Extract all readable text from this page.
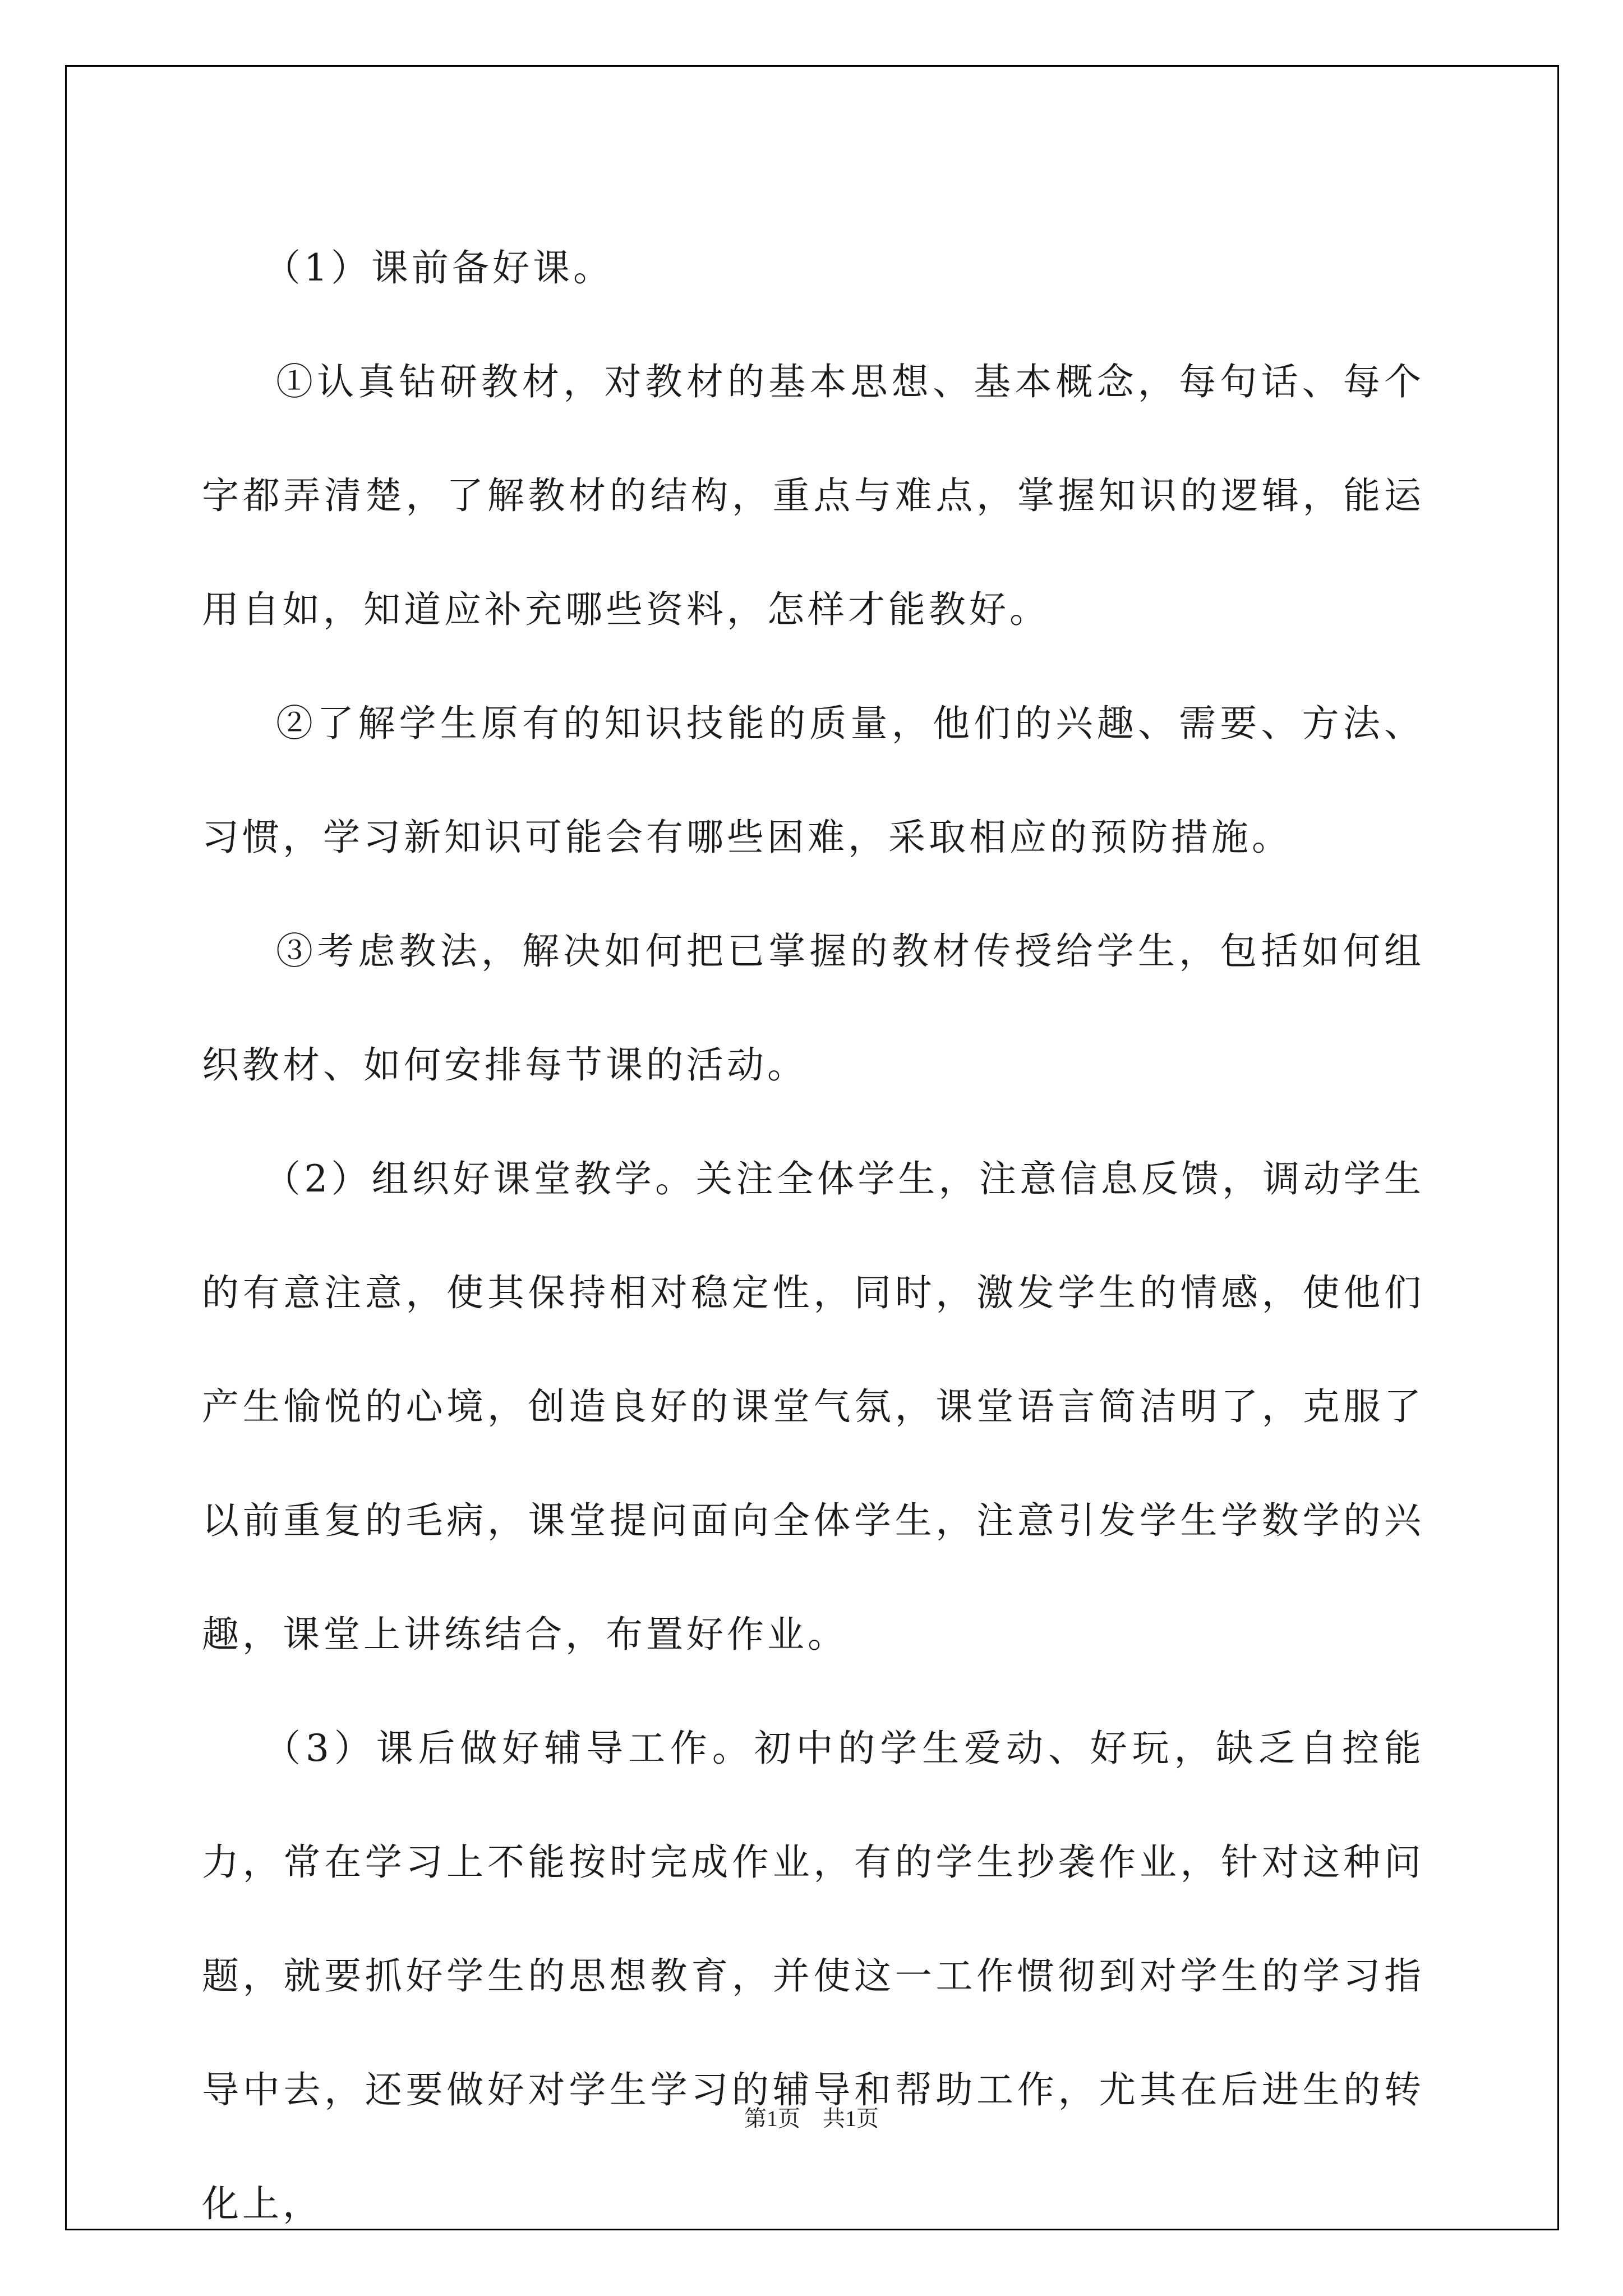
（1）课前备好课。

①认真钻研教材，对教材的基本思想、基本概念，每句话、每个字都弄清楚，了解教材的结构，重点与难点，掌握知识的逻辑，能运用自如，知道应补充哪些资料，怎样才能教好。

②了解学生原有的知识技能的质量，他们的兴趣、需要、方法、习惯，学习新知识可能会有哪些困难，采取相应的预防措施。

③考虑教法，解决如何把已掌握的教材传授给学生，包括如何组织教材、如何安排每节课的活动。

（2）组织好课堂教学。关注全体学生，注意信息反馈，调动学生的有意注意，使其保持相对稳定性，同时，激发学生的情感，使他们产生愉悦的心境，创造良好的课堂气氛，课堂语言简洁明了，克服了以前重复的毛病，课堂提问面向全体学生，注意引发学生学数学的兴趣，课堂上讲练结合，布置好作业。

（3）课后做好辅导工作。初中的学生爱动、好玩，缺乏自控能力，常在学习上不能按时完成作业，有的学生抄袭作业，针对这种问题，就要抓好学生的思想教育，并使这一工作惯彻到对学生的学习指导中去，还要做好对学生学习的辅导和帮助工作，尤其在后进生的转化上，

第1页 共1页
